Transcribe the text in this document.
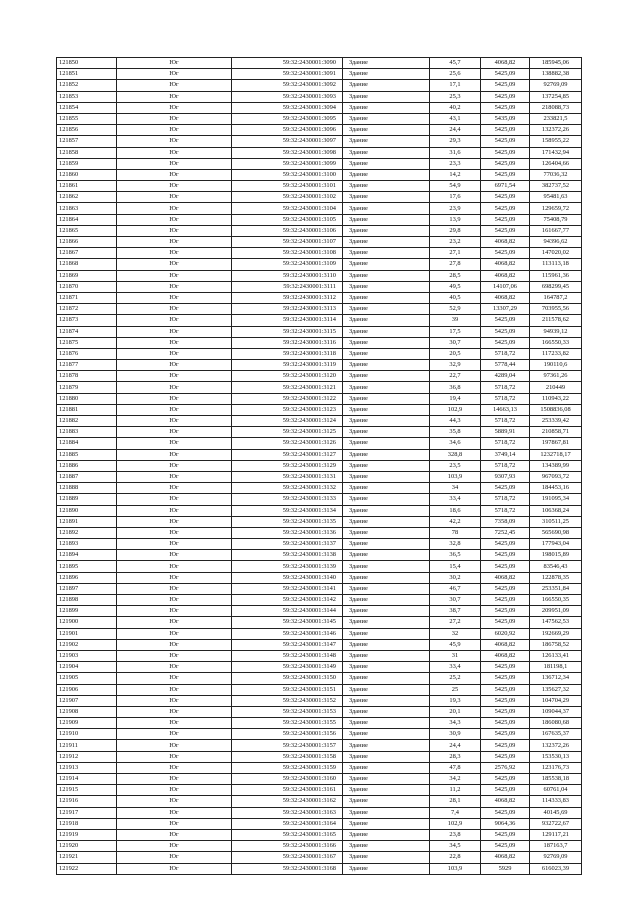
121850	Юг	59:32:2430001:3090	Здание	45,7	4068,82	185945,06
121851	Юг	59:32:2430001:3091	Здание	25,6	5425,09	138882,38
121852	Юг	59:32:2430001:3092	Здание	17,1	5425,09	92769,09
121853	Юг	59:32:2430001:3093	Здание	25,3	5425,09	137254,85
121854	Юг	59:32:2430001:3094	Здание	40,2	5425,09	218088,73
121855	Юг	59:32:2430001:3095	Здание	43,1	5435,09	233821,5
121856	Юг	59:32:2430001:3096	Здание	24,4	5425,09	132372,26
121857	Юг	59:32:2430001:3097	Здание	29,3	5425,09	158955,22
121858	Юг	59:32:2430001:3098	Здание	31,6	5425,09	171432,94
121859	Юг	59:32:2430001:3099	Здание	23,3	5425,09	126404,66
121860	Юг	59:32:2430001:3100	Здание	14,2	5425,09	77036,32
121861	Юг	59:32:2430001:3101	Здание	54,9	6971,54	382737,52
121862	Юг	59:32:2430001:3102	Здание	17,6	5425,09	95481,63
121863	Юг	59:32:2430001:3104	Здание	23,9	5425,09	129659,72
121864	Юг	59:32:2430001:3105	Здание	13,9	5425,09	75408,79
121865	Юг	59:32:2430001:3106	Здание	29,8	5425,09	161667,77
121866	Юг	59:32:2430001:3107	Здание	23,2	4068,82	94396,62
121867	Юг	59:32:2430001:3108	Здание	27,1	5425,09	147020,02
121868	Юг	59:32:2430001:3109	Здание	27,8	4068,82	113113,18
121869	Юг	59:32:2430001:3110	Здание	28,5	4068,82	115961,36
121870	Юг	59:32:2430001:3111	Здание	49,5	14107,06	698299,45
121871	Юг	59:32:2430001:3112	Здание	40,5	4068,82	164787,2
121872	Юг	59:32:2430001:3113	Здание	52,9	13307,29	703955,56
121873	Юг	59:32:2430001:3114	Здание	39	5425,09	211578,62
121874	Юг	59:32:2430001:3115	Здание	17,5	5425,09	94939,12
121875	Юг	59:32:2430001:3116	Здание	30,7	5425,09	166550,33
121876	Юг	59:32:2430001:3118	Здание	20,5	5718,72	117233,82
121877	Юг	59:32:2430001:3119	Здание	32,9	5778,44	190110,6
121878	Юг	59:32:2430001:3120	Здание	22,7	4289,04	97361,26
121879	Юг	59:32:2430001:3121	Здание	36,8	5718,72	210449
121880	Юг	59:32:2430001:3122	Здание	19,4	5718,72	110943,22
121881	Юг	59:32:2430001:3123	Здание	102,9	14663,13	1508836,08
121882	Юг	59:32:2430001:3124	Здание	44,3	5718,72	253339,42
121883	Юг	59:32:2430001:3125	Здание	35,8	5889,91	210858,71
121884	Юг	59:32:2430001:3126	Здание	34,6	5718,72	197867,81
121885	Юг	59:32:2430001:3127	Здание	328,8	3749,14	1232718,17
121886	Юг	59:32:2430001:3129	Здание	23,5	5718,72	134389,99
121887	Юг	59:32:2430001:3131	Здание	103,9	9307,93	967093,72
121888	Юг	59:32:2430001:3132	Здание	34	5425,09	184453,16
121889	Юг	59:32:2430001:3133	Здание	33,4	5718,72	191095,34
121890	Юг	59:32:2430001:3134	Здание	18,6	5718,72	106368,24
121891	Юг	59:32:2430001:3135	Здание	42,2	7358,09	310511,25
121892	Юг	59:32:2430001:3136	Здание	78	7252,45	565690,98
121893	Юг	59:32:2430001:3137	Здание	32,8	5425,09	177943,04
121894	Юг	59:32:2430001:3138	Здание	36,5	5425,09	198015,89
121895	Юг	59:32:2430001:3139	Здание	15,4	5425,09	83546,43
121896	Юг	59:32:2430001:3140	Здание	30,2	4068,82	122878,35
121897	Юг	59:32:2430001:3141	Здание	46,7	5425,09	253351,84
121898	Юг	59:32:2430001:3142	Здание	30,7	5425,09	166550,35
121899	Юг	59:32:2430001:3144	Здание	38,7	5425,09	209951,09
121900	Юг	59:32:2430001:3145	Здание	27,2	5425,09	147562,53
121901	Юг	59:32:2430001:3146	Здание	32	6020,92	192669,29
121902	Юг	59:32:2430001:3147	Здание	45,9	4068,82	186758,52
121903	Юг	59:32:2430001:3148	Здание	31	4068,82	126133,41
121904	Юг	59:32:2430001:3149	Здание	33,4	5425,09	181198,1
121905	Юг	59:32:2430001:3150	Здание	25,2	5425,09	136712,34
121906	Юг	59:32:2430001:3151	Здание	25	5425,09	135627,32
121907	Юг	59:32:2430001:3152	Здание	19,3	5425,09	104704,29
121908	Юг	59:32:2430001:3153	Здание	20,1	5425,09	109044,37
121909	Юг	59:32:2430001:3155	Здание	34,3	5425,09	186080,68
121910	Юг	59:32:2430001:3156	Здание	30,9	5425,09	167635,37
121911	Юг	59:32:2430001:3157	Здание	24,4	5425,09	132372,26
121912	Юг	59:32:2430001:3158	Здание	28,3	5425,09	153530,13
121913	Юг	59:32:2430001:3159	Здание	47,8	2576,92	123176,73
121914	Юг	59:32:2430001:3160	Здание	34,2	5425,09	185538,18
121915	Юг	59:32:2430001:3161	Здание	11,2	5425,09	60761,04
121916	Юг	59:32:2430001:3162	Здание	28,1	4068,82	114333,83
121917	Юг	59:32:2430001:3163	Здание	7,4	5425,09	40145,69
121918	Юг	59:32:2430001:3164	Здание	102,9	9064,36	932722,67
121919	Юг	59:32:2430001:3165	Здание	23,8	5425,09	129117,21
121920	Юг	59:32:2430001:3166	Здание	34,5	5425,09	187163,7
121921	Юг	59:32:2430001:3167	Здание	22,8	4068,82	92769,09
121922	Юг	59:32:2430001:3168	Здание	103,9	5929	616023,39
